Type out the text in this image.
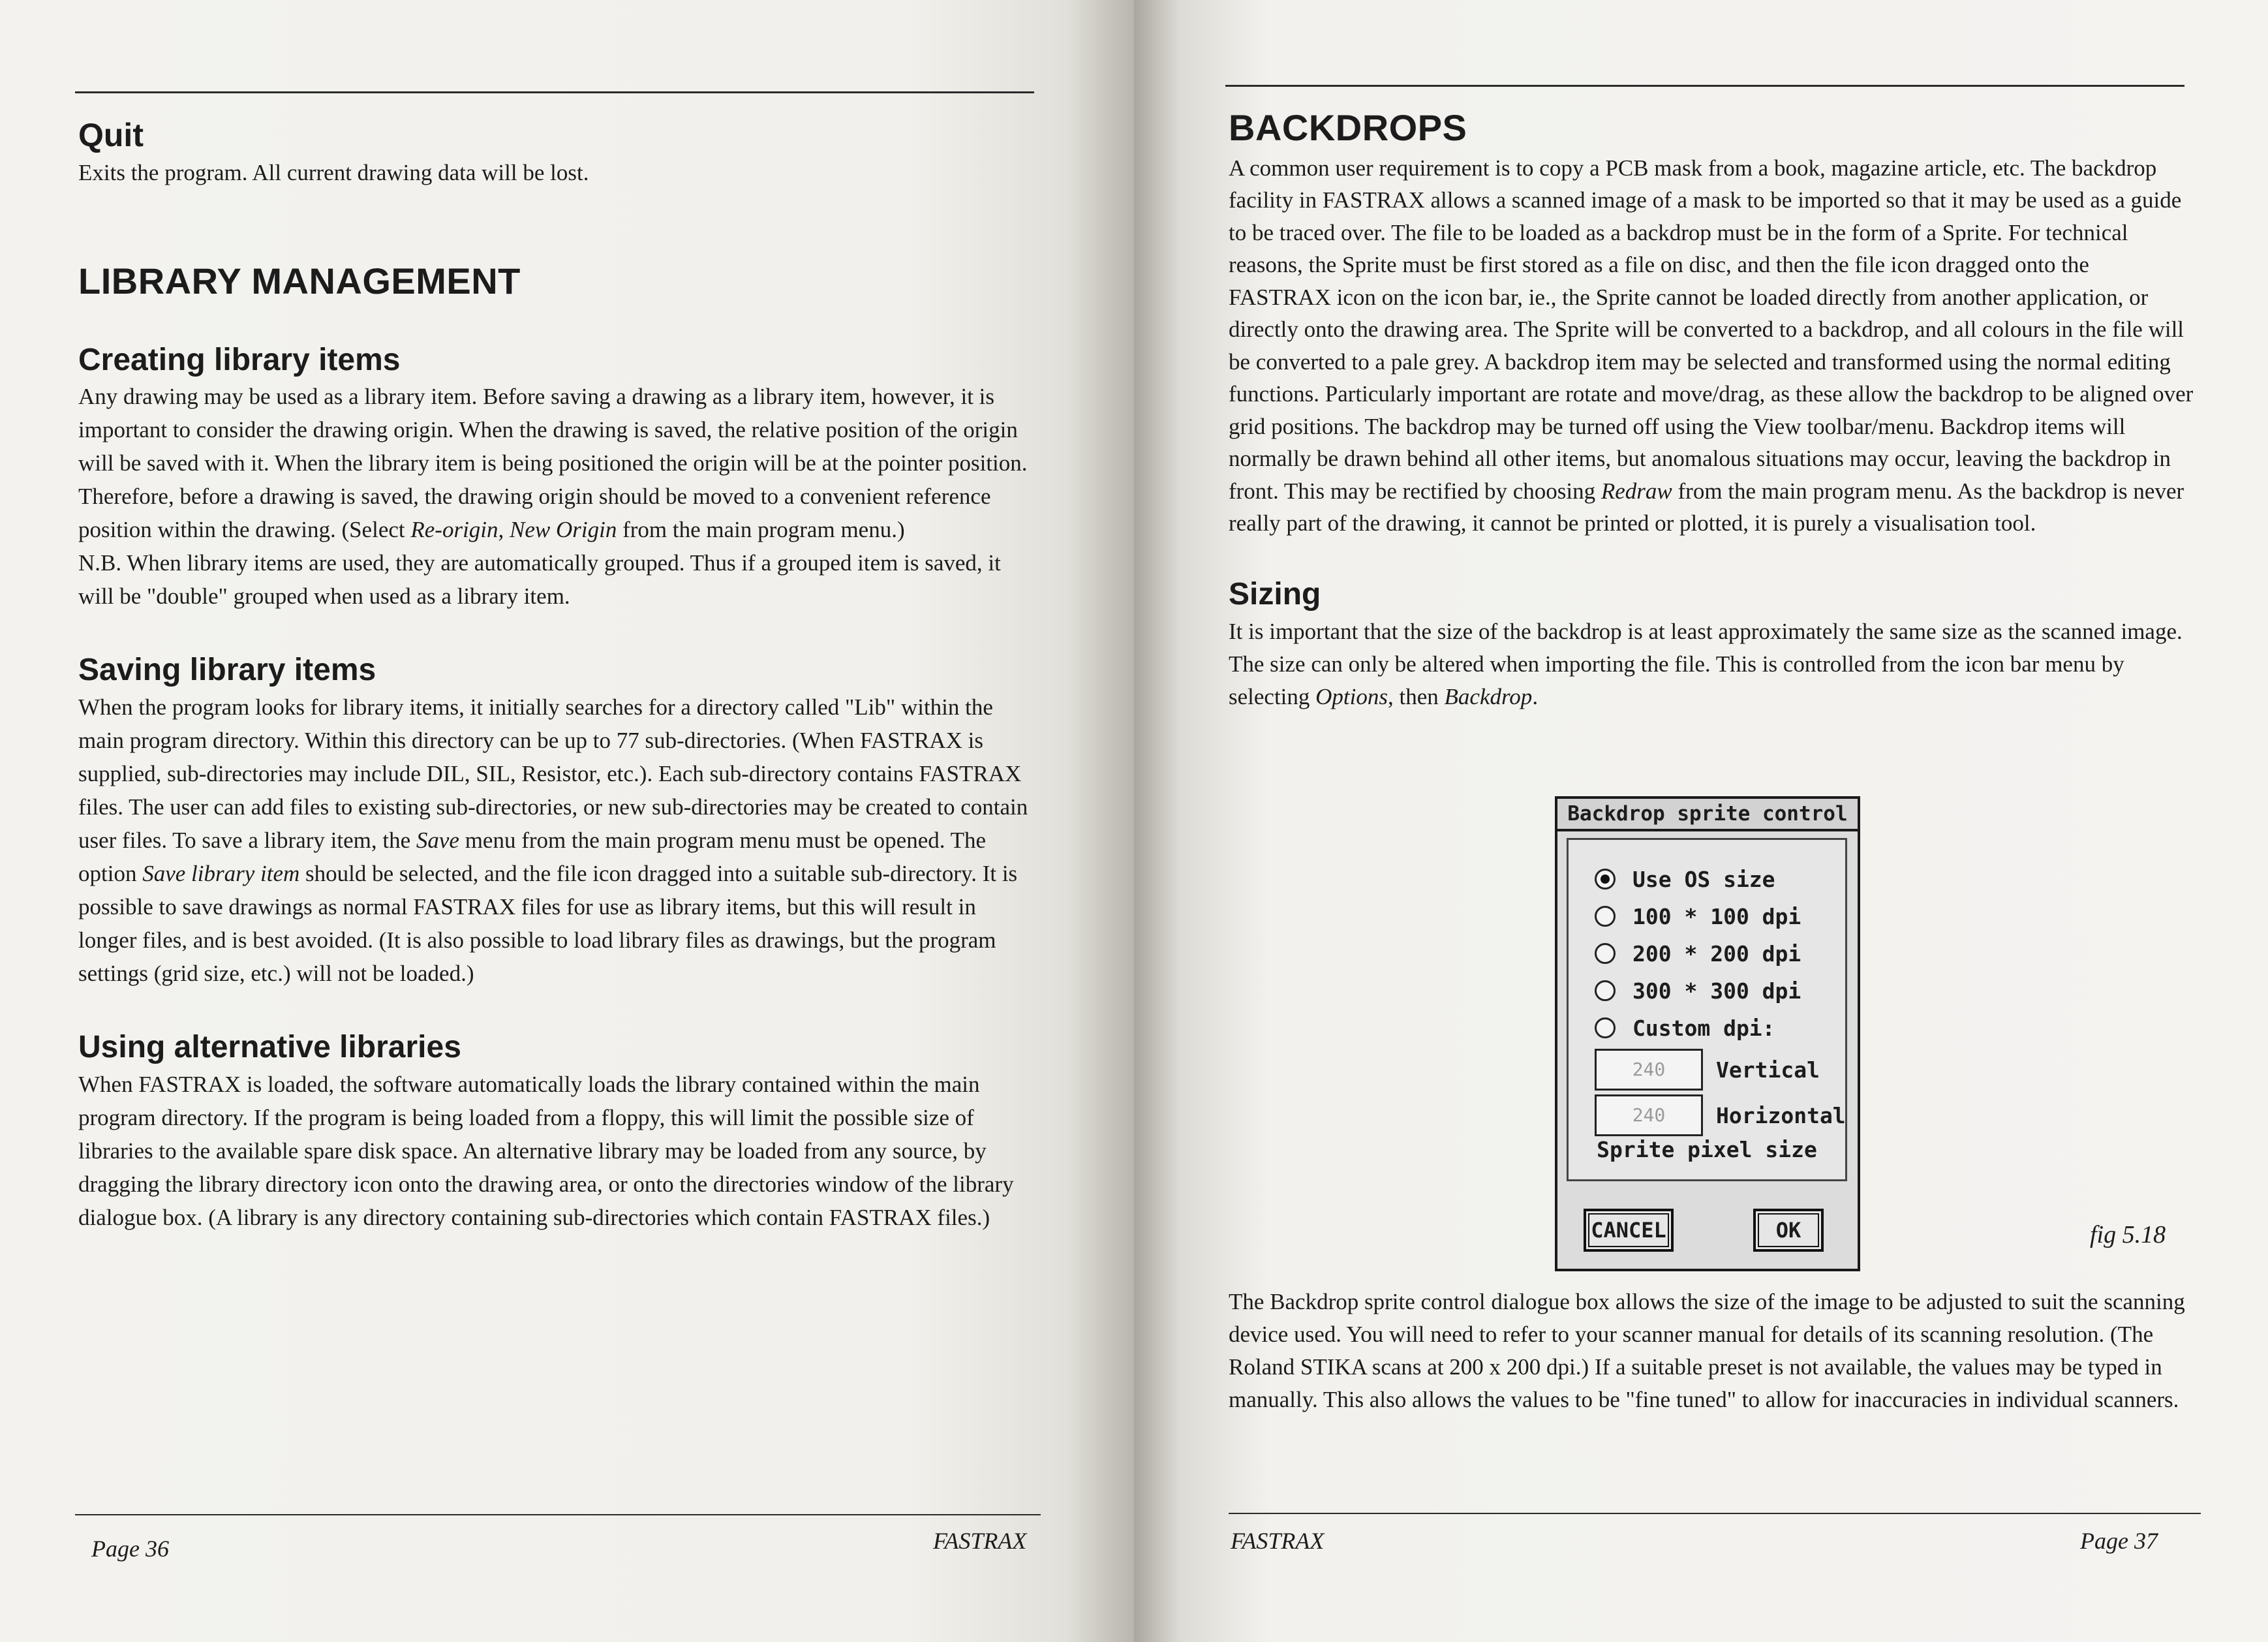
Quit

Exits the program. All current drawing data will be lost.

LIBRARY MANAGEMENT
Creating library items

Any drawing may be used as a library item. Before saving a drawing as a library item, however, it is important to consider the drawing origin. When the drawing is saved, the relative position of the origin will be saved with it. When the library item is being positioned the origin will be at the pointer position. Therefore, before a drawing is saved, the drawing origin should be moved to a convenient reference position within the drawing. (Select Re-origin, New Origin from the main program menu.)

N.B. When library items are used, they are automatically grouped. Thus if a grouped item is saved, it will be "double" grouped when used as a library item.

Saving library items

When the program looks for library items, it initially searches for a directory called "Lib" within the main program directory. Within this directory can be up to 77 sub-directories. (When FASTRAX is supplied, sub-directories may include DIL, SIL, Resistor, etc.). Each sub-directory contains FASTRAX files. The user can add files to existing sub-directories, or new sub-directories may be created to contain user files. To save a library item, the Save menu from the main program menu must be opened. The option Save library item should be selected, and the file icon dragged into a suitable sub-directory. It is possible to save drawings as normal FASTRAX files for use as library items, but this will result in longer files, and is best avoided. (It is also possible to load library files as drawings, but the program settings (grid size, etc.) will not be loaded.)

Using alternative libraries

When FASTRAX is loaded, the software automatically loads the library contained within the main program directory. If the program is being loaded from a floppy, this will limit the possible size of libraries to the available spare disk space. An alternative library may be loaded from any source, by dragging the library directory icon onto the drawing area, or onto the directories window of the library dialogue box. (A library is any directory containing sub-directories which contain FASTRAX files.)

Page 36	FASTRAX
BACKDROPS

A common user requirement is to copy a PCB mask from a book, magazine article, etc. The backdrop facility in FASTRAX allows a scanned image of a mask to be imported so that it may be used as a guide to be traced over. The file to be loaded as a backdrop must be in the form of a Sprite. For technical reasons, the Sprite must be first stored as a file on disc, and then the file icon dragged onto the FASTRAX icon on the icon bar, ie., the Sprite cannot be loaded directly from another application, or directly onto the drawing area. The Sprite will be converted to a backdrop, and all colours in the file will be converted to a pale grey. A backdrop item may be selected and transformed using the normal editing functions. Particularly important are rotate and move/drag, as these allow the backdrop to be aligned over grid positions. The backdrop may be turned off using the View toolbar/menu. Backdrop items will normally be drawn behind all other items, but anomalous situations may occur, leaving the backdrop in front. This may be rectified by choosing Redraw from the main program menu. As the backdrop is never really part of the drawing, it cannot be printed or plotted, it is purely a visualisation tool.

Sizing

It is important that the size of the backdrop is at least approximately the same size as the scanned image. The size can only be altered when importing the file. This is controlled from the icon bar menu by selecting Options, then Backdrop.

Backdrop sprite control
Use OS size
100 * 100 dpi
200 * 200 dpi
300 * 300 dpi
Custom dpi:
240	Vertical
240	Horizontal
Sprite pixel size
CANCEL	OK	fig 5.18

The Backdrop sprite control dialogue box allows the size of the image to be adjusted to suit the scanning device used. You will need to refer to your scanner manual for details of its scanning resolution. (The Roland STIKA scans at 200 x 200 dpi.) If a suitable preset is not available, the values may be typed in manually. This also allows the values to be "fine tuned" to allow for inaccuracies in individual scanners.

FASTRAX	Page 37
